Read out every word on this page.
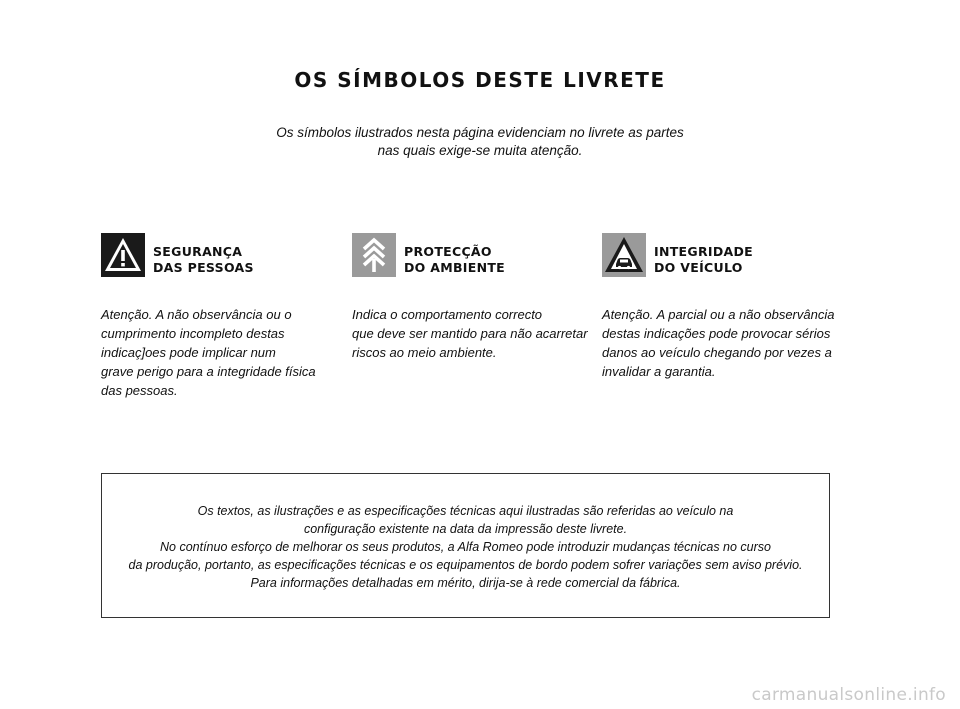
OS SÍMBOLOS DESTE LIVRETE
Os símbolos ilustrados nesta página evidenciam no livrete as partes
nas quais exige-se muita atenção.
SEGURANÇA
DAS PESSOAS
Atenção. A não observância ou o
cumprimento incompleto destas
indicaç]oes pode implicar num
grave perigo para a integridade física
das pessoas.
PROTECÇÃO
DO AMBIENTE
Indica o comportamento correcto
que deve ser mantido para não acarretar
riscos ao meio ambiente.
INTEGRIDADE
DO VEÍCULO
Atenção. A parcial ou a não observância
destas indicações pode provocar sérios
danos ao veículo chegando por vezes a
invalidar a garantia.
Os textos, as ilustrações e as especificações técnicas aqui ilustradas são referidas ao veículo na
configuração existente na data da impressão deste livrete.
No contínuo esforço de melhorar os seus produtos, a Alfa Romeo pode introduzir mudanças técnicas no curso
da produção, portanto, as especificações técnicas e os equipamentos de bordo podem sofrer variações sem aviso prévio.
Para informações detalhadas em mérito, dirija-se à rede comercial da fábrica.
carmanualsonline.info
